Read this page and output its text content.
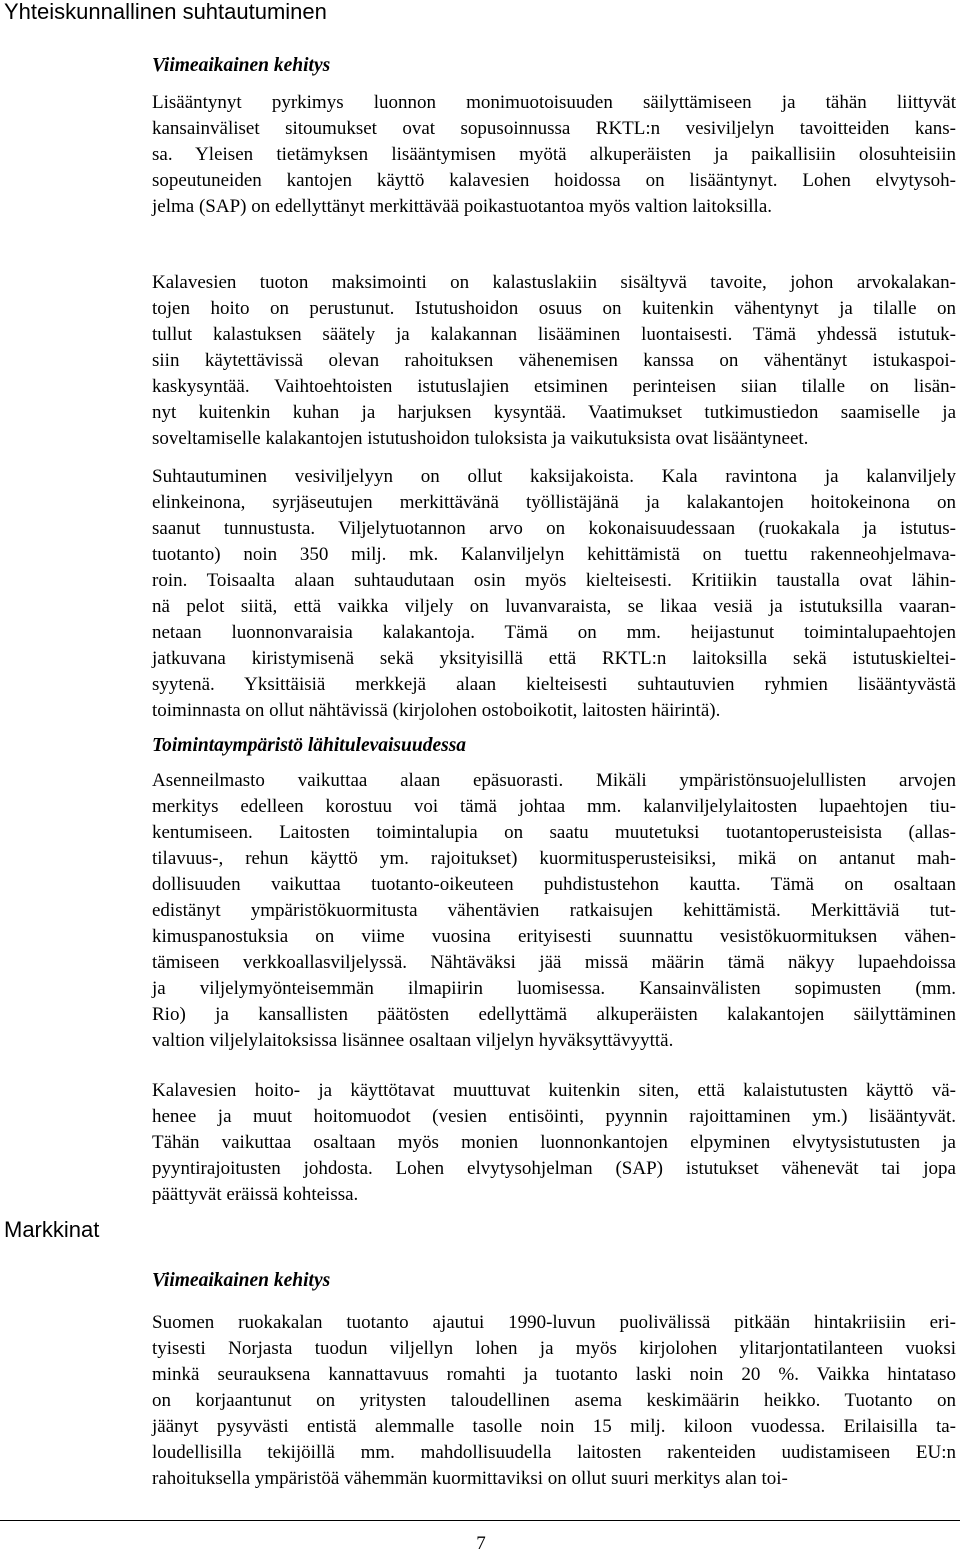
Yhteiskunnallinen suhtautuminen
Viimeaikainen kehitys
Lisääntynyt pyrkimys luonnon monimuotoisuuden säilyttämiseen ja tähän liittyvät
kansainväliset sitoumukset ovat sopusoinnussa RKTL:n vesiviljelyn tavoitteiden kans-
sa. Yleisen tietämyksen lisääntymisen myötä alkuperäisten ja paikallisiin olosuhteisiin
sopeutuneiden kantojen käyttö kalavesien hoidossa on lisääntynyt. Lohen elvytysoh-
jelma (SAP) on edellyttänyt merkittävää poikastuotantoa myös valtion laitoksilla.
Kalavesien tuoton maksimointi on kalastuslakiin sisältyvä tavoite, johon arvokalakan-
tojen hoito on perustunut. Istutushoidon osuus on kuitenkin vähentynyt ja tilalle on
tullut kalastuksen säätely ja kalakannan lisääminen luontaisesti. Tämä yhdessä istutuk-
siin käytettävissä olevan rahoituksen vähenemisen kanssa on vähentänyt istukaspoi-
kaskysyntää. Vaihtoehtoisten istutuslajien etsiminen perinteisen siian tilalle on lisän-
nyt kuitenkin kuhan ja harjuksen kysyntää. Vaatimukset tutkimustiedon saamiselle ja
soveltamiselle kalakantojen istutushoidon tuloksista ja vaikutuksista ovat lisääntyneet.
Suhtautuminen vesiviljelyyn on ollut kaksijakoista. Kala ravintona ja kalanviljely
elinkeinona, syrjäseutujen merkittävänä työllistäjänä ja kalakantojen hoitokeinona on
saanut tunnustusta. Viljelytuotannon arvo on kokonaisuudessaan (ruokakala ja istutus-
tuotanto) noin 350 milj. mk. Kalanviljelyn kehittämistä on tuettu rakenneohjelmava-
roin. Toisaalta alaan suhtaudutaan osin myös kielteisesti. Kritiikin taustalla ovat lähin-
nä pelot siitä, että vaikka viljely on luvanvaraista, se likaa vesiä ja istutuksilla vaaran-
netaan luonnonvaraisia kalakantoja. Tämä on mm. heijastunut toimintalupaehtojen
jatkuvana kiristymisenä sekä yksityisillä että RKTL:n laitoksilla sekä istutuskieltei-
syytenä. Yksittäisiä merkkejä alaan kielteisesti suhtautuvien ryhmien lisääntyvästä
toiminnasta on ollut nähtävissä (kirjolohen ostoboikotit, laitosten häirintä).
Toimintaympäristö lähitulevaisuudessa
Asenneilmasto vaikuttaa alaan epäsuorasti. Mikäli ympäristönsuojelullisten arvojen
merkitys edelleen korostuu voi tämä johtaa mm. kalanviljelylaitosten lupaehtojen tiu-
kentumiseen. Laitosten toimintalupia on saatu muutetuksi tuotantoperusteisista (allas-
tilavuus-, rehun käyttö ym. rajoitukset) kuormitusperusteisiksi, mikä on antanut mah-
dollisuuden vaikuttaa tuotanto-oikeuteen puhdistustehon kautta. Tämä on osaltaan
edistänyt ympäristökuormitusta vähentävien ratkaisujen kehittämistä. Merkittäviä tut-
kimuspanostuksia on viime vuosina erityisesti suunnattu vesistökuormituksen vähen-
tämiseen verkkoallasviljelyssä. Nähtäväksi jää missä määrin tämä näkyy lupaehdoissa
ja viljelymyönteisemmän ilmapiirin luomisessa. Kansainvälisten sopimusten (mm.
Rio) ja kansallisten päätösten edellyttämä alkuperäisten kalakantojen säilyttäminen
valtion viljelylaitoksissa lisännee osaltaan viljelyn hyväksyttävyyttä.
Kalavesien hoito- ja käyttötavat muuttuvat kuitenkin siten, että kalaistutusten käyttö vä-
henee ja muut hoitomuodot (vesien entisöinti, pyynnin rajoittaminen ym.) lisääntyvät.
Tähän vaikuttaa osaltaan myös monien luonnonkantojen elpyminen elvytysistutusten ja
pyyntirajoitusten johdosta. Lohen elvytysohjelman (SAP) istutukset vähenevät tai jopa
päättyvät eräissä kohteissa.
Markkinat
Viimeaikainen kehitys
Suomen ruokakalan tuotanto ajautui 1990-luvun puolivälissä pitkään hintakriisiin eri-
tyisesti Norjasta tuodun viljellyn lohen ja myös kirjolohen ylitarjontatilanteen vuoksi
minkä seurauksena kannattavuus romahti ja tuotanto laski noin 20 %. Vaikka hintataso
on korjaantunut on yritysten taloudellinen asema keskimäärin heikko. Tuotanto on
jäänyt pysyvästi entistä alemmalle tasolle noin 15 milj. kiloon vuodessa. Erilaisilla ta-
loudellisilla tekijöillä mm. mahdollisuudella laitosten rakenteiden uudistamiseen EU:n
rahoituksella ympäristöä vähemmän kuormittaviksi on ollut suuri merkitys alan toi-
7
